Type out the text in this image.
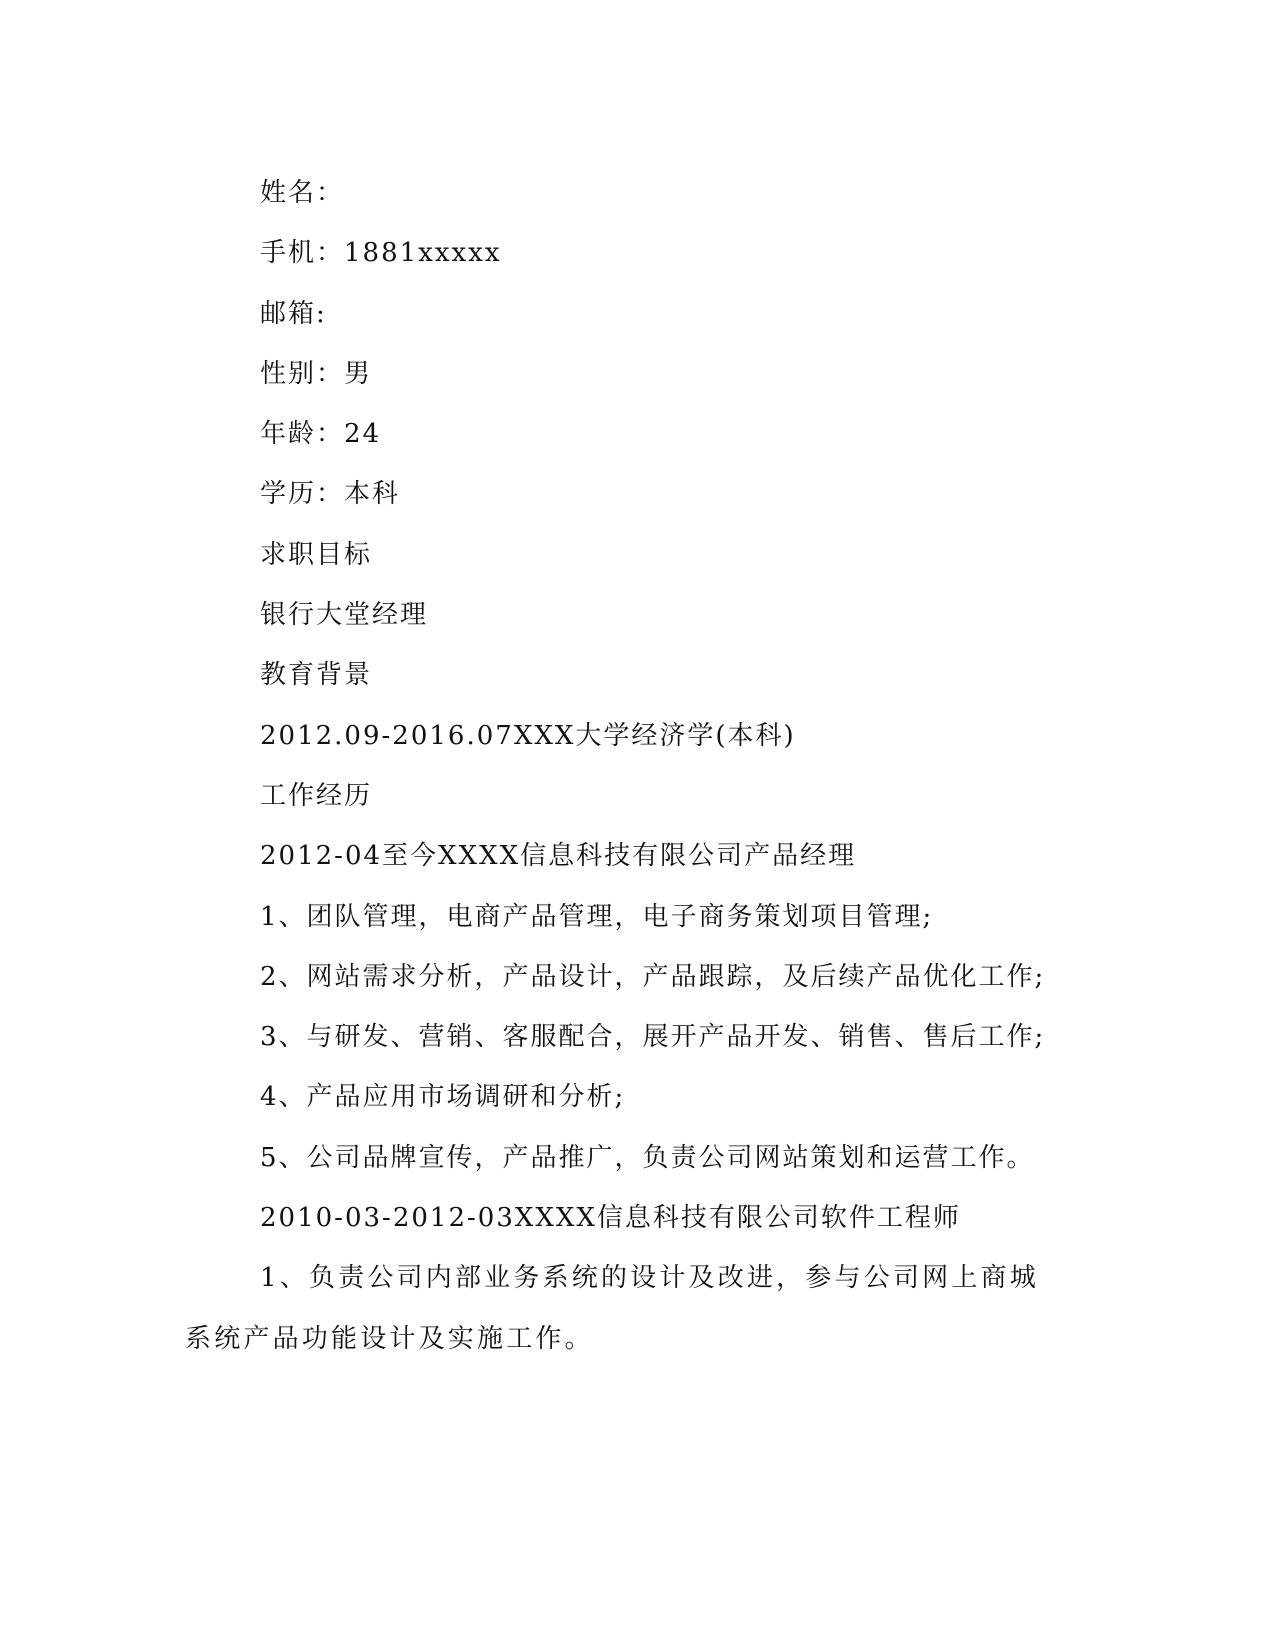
姓名：
手机：1881xxxxx
邮箱:
性别：男
年龄：24
学历：本科
求职目标
银行大堂经理
教育背景
2012.09-2016.07XXX大学经济学(本科)
工作经历
2012-04至今XXXX信息科技有限公司产品经理
1、团队管理，电商产品管理，电子商务策划项目管理;
2、网站需求分析，产品设计，产品跟踪，及后续产品优化工作;
3、与研发、营销、客服配合，展开产品开发、销售、售后工作;
4、产品应用市场调研和分析;
5、公司品牌宣传，产品推广，负责公司网站策划和运营工作。
2010-03-2012-03XXXX信息科技有限公司软件工程师
1、负责公司内部业务系统的设计及改进，参与公司网上商城系统产品功能设计及实施工作。
